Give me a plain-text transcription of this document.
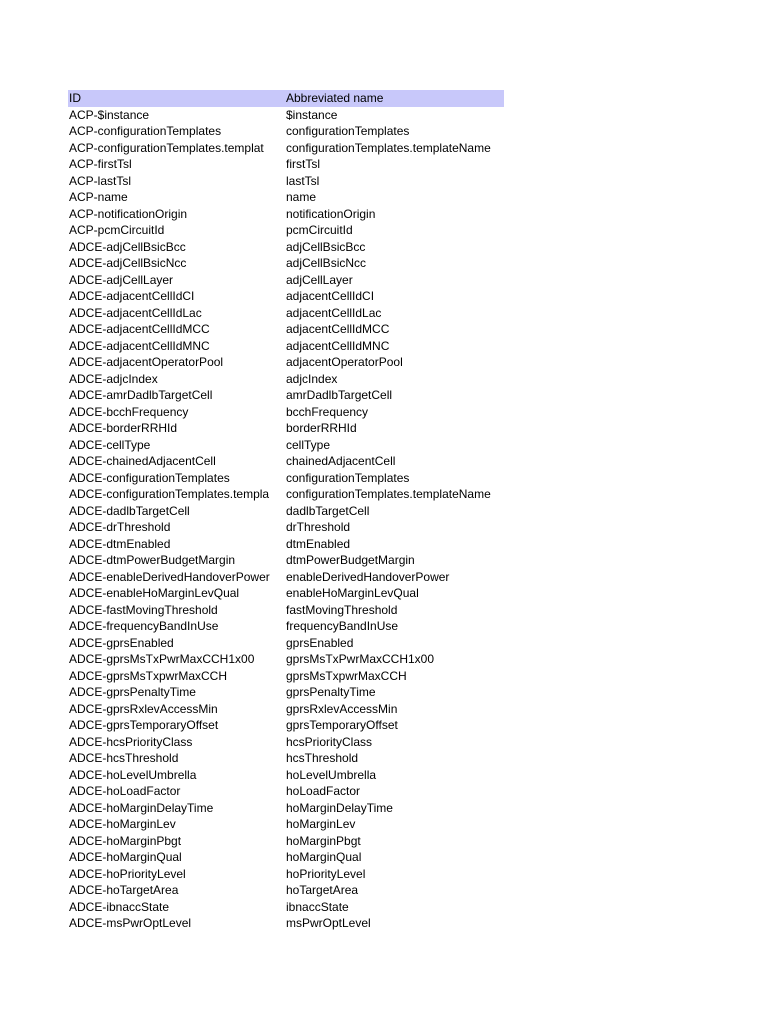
ID	Abbreviated name
ACP-$instance	$instance
ACP-configurationTemplates	configurationTemplates
ACP-configurationTemplates.templat	configurationTemplates.templateName
ACP-firstTsl	firstTsl
ACP-lastTsl	lastTsl
ACP-name	name
ACP-notificationOrigin	notificationOrigin
ACP-pcmCircuitId	pcmCircuitId
ADCE-adjCellBsicBcc	adjCellBsicBcc
ADCE-adjCellBsicNcc	adjCellBsicNcc
ADCE-adjCellLayer	adjCellLayer
ADCE-adjacentCellIdCI	adjacentCellIdCI
ADCE-adjacentCellIdLac	adjacentCellIdLac
ADCE-adjacentCellIdMCC	adjacentCellIdMCC
ADCE-adjacentCellIdMNC	adjacentCellIdMNC
ADCE-adjacentOperatorPool	adjacentOperatorPool
ADCE-adjcIndex	adjcIndex
ADCE-amrDadlbTargetCell	amrDadlbTargetCell
ADCE-bcchFrequency	bcchFrequency
ADCE-borderRRHId	borderRRHId
ADCE-cellType	cellType
ADCE-chainedAdjacentCell	chainedAdjacentCell
ADCE-configurationTemplates	configurationTemplates
ADCE-configurationTemplates.templa	configurationTemplates.templateName
ADCE-dadlbTargetCell	dadlbTargetCell
ADCE-drThreshold	drThreshold
ADCE-dtmEnabled	dtmEnabled
ADCE-dtmPowerBudgetMargin	dtmPowerBudgetMargin
ADCE-enableDerivedHandoverPower	enableDerivedHandoverPower
ADCE-enableHoMarginLevQual	enableHoMarginLevQual
ADCE-fastMovingThreshold	fastMovingThreshold
ADCE-frequencyBandInUse	frequencyBandInUse
ADCE-gprsEnabled	gprsEnabled
ADCE-gprsMsTxPwrMaxCCH1x00	gprsMsTxPwrMaxCCH1x00
ADCE-gprsMsTxpwrMaxCCH	gprsMsTxpwrMaxCCH
ADCE-gprsPenaltyTime	gprsPenaltyTime
ADCE-gprsRxlevAccessMin	gprsRxlevAccessMin
ADCE-gprsTemporaryOffset	gprsTemporaryOffset
ADCE-hcsPriorityClass	hcsPriorityClass
ADCE-hcsThreshold	hcsThreshold
ADCE-hoLevelUmbrella	hoLevelUmbrella
ADCE-hoLoadFactor	hoLoadFactor
ADCE-hoMarginDelayTime	hoMarginDelayTime
ADCE-hoMarginLev	hoMarginLev
ADCE-hoMarginPbgt	hoMarginPbgt
ADCE-hoMarginQual	hoMarginQual
ADCE-hoPriorityLevel	hoPriorityLevel
ADCE-hoTargetArea	hoTargetArea
ADCE-ibnaccState	ibnaccState
ADCE-msPwrOptLevel	msPwrOptLevel
